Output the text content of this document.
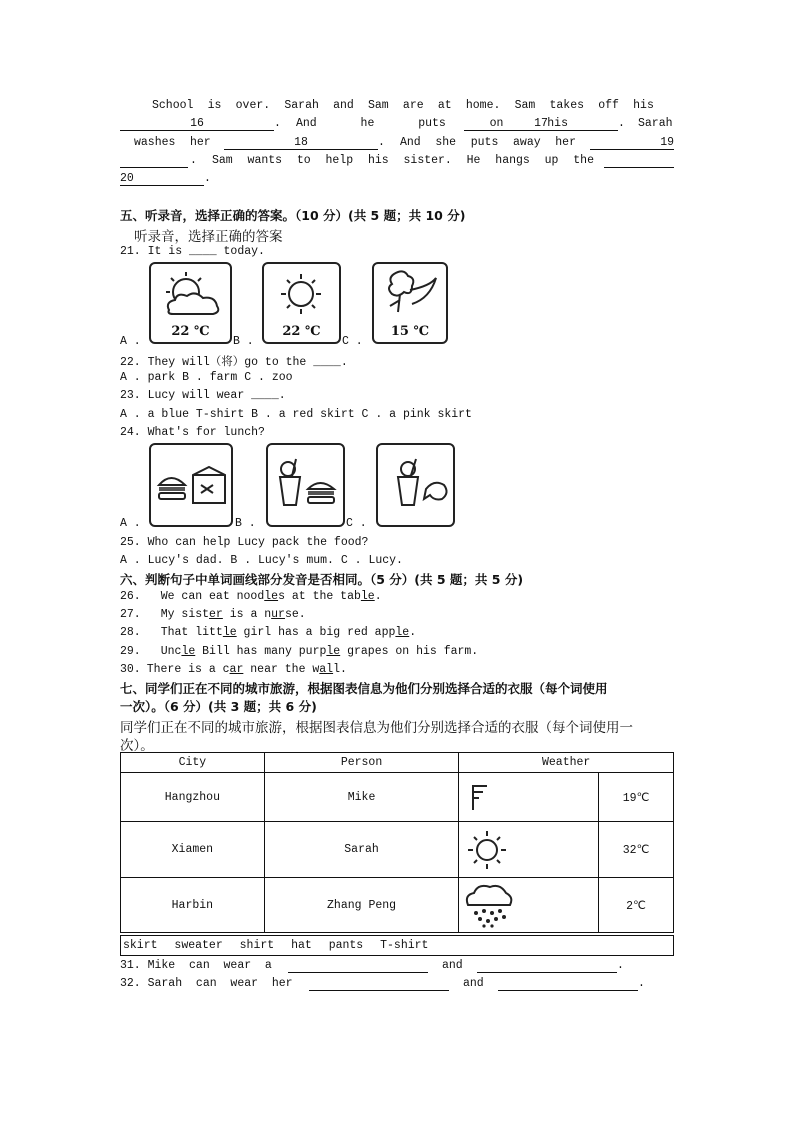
School is over. Sarah and Sam are at home. Sam takes off his
16	. And	he	puts	on	his
17	. Sarah
washes her	18	. And she puts away her	19
. Sam wants to help his sister. He hangs up the
20	.
五、听录音，选择正确的答案。（10 分）(共 5 题；共 10 分)
听录音，选择正确的答案
21. It is ____ today.
22 ℃	22 ℃	15 ℃
A .	B .	C .
22. They will（将）go to the ____.
A . park B . farm C . zoo
23. Lucy will wear ____.
A . a blue T-shirt B . a red skirt C . a pink skirt
24. What's for lunch?
A .	B .	C .
25. Who can help Lucy pack the food?
A . Lucy's dad. B . Lucy's mum. C . Lucy.
六、判断句子中单词画线部分发音是否相同。（5 分）(共 5 题；共 5 分)
26. We can eat noodles at the table.
27. My sister is a nurse.
28. That little girl has a big red apple.
29. Uncle Bill has many purple grapes on his farm.
30. There is a car near the wall.
七、同学们正在不同的城市旅游，根据图表信息为他们分别选择合适的衣服（每个词使用
一次）。（6 分）(共 3 题；共 6 分)
同学们正在不同的城市旅游，根据图表信息为他们分别选择合适的衣服（每个词使用一
次）。
City	Person	Weather	
Hangzhou	Mike		19℃
Xiamen	Sarah		32℃
Harbin	Zhang Peng		2℃
skirt sweater shirt hat pants T-shirt
31. Mike  can  wear  a	and	.
32. Sarah  can  wear  her	and	.
